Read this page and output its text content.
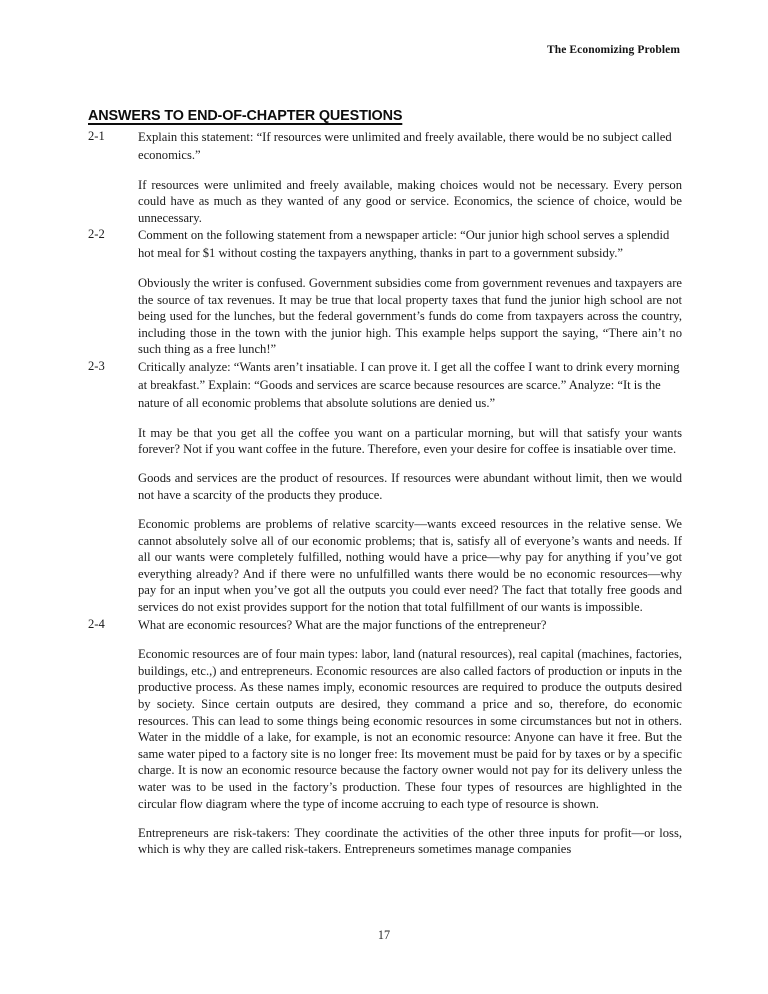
The Economizing Problem
ANSWERS TO END-OF-CHAPTER QUESTIONS
2-1	Explain this statement: “If resources were unlimited and freely available, there would be no subject called economics.”

If resources were unlimited and freely available, making choices would not be necessary. Every person could have as much as they wanted of any good or service. Economics, the science of choice, would be unnecessary.

2-2	Comment on the following statement from a newspaper article: “Our junior high school serves a splendid hot meal for $1 without costing the taxpayers anything, thanks in part to a government subsidy.”

Obviously the writer is confused. Government subsidies come from government revenues and taxpayers are the source of tax revenues. It may be true that local property taxes that fund the junior high school are not being used for the lunches, but the federal government’s funds do come from taxpayers across the country, including those in the town with the junior high. This example helps support the saying, “There ain’t no such thing as a free lunch!”

2-3	Critically analyze: “Wants aren’t insatiable. I can prove it. I get all the coffee I want to drink every morning at breakfast.” Explain: “Goods and services are scarce because resources are scarce.” Analyze: “It is the nature of all economic problems that absolute solutions are denied us.”

It may be that you get all the coffee you want on a particular morning, but will that satisfy your wants forever? Not if you want coffee in the future. Therefore, even your desire for coffee is insatiable over time.

Goods and services are the product of resources. If resources were abundant without limit, then we would not have a scarcity of the products they produce.

Economic problems are problems of relative scarcity—wants exceed resources in the relative sense. We cannot absolutely solve all of our economic problems; that is, satisfy all of everyone’s wants and needs. If all our wants were completely fulfilled, nothing would have a price—why pay for anything if you’ve got everything already? And if there were no unfulfilled wants there would be no economic resources—why pay for an input when you’ve got all the outputs you could ever need? The fact that totally free goods and services do not exist provides support for the notion that total fulfillment of our wants is impossible.

2-4	What are economic resources? What are the major functions of the entrepreneur?

Economic resources are of four main types: labor, land (natural resources), real capital (machines, factories, buildings, etc.,) and entrepreneurs. Economic resources are also called factors of production or inputs in the productive process. As these names imply, economic resources are required to produce the outputs desired by society. Since certain outputs are desired, they command a price and so, therefore, do economic resources. This can lead to some things being economic resources in some circumstances but not in others. Water in the middle of a lake, for example, is not an economic resource: Anyone can have it free. But the same water piped to a factory site is no longer free: Its movement must be paid for by taxes or by a specific charge. It is now an economic resource because the factory owner would not pay for its delivery unless the water was to be used in the factory’s production. These four types of resources are highlighted in the circular flow diagram where the type of income accruing to each type of resource is shown.

Entrepreneurs are risk-takers: They coordinate the activities of the other three inputs for profit—or loss, which is why they are called risk-takers. Entrepreneurs sometimes manage companies

17
